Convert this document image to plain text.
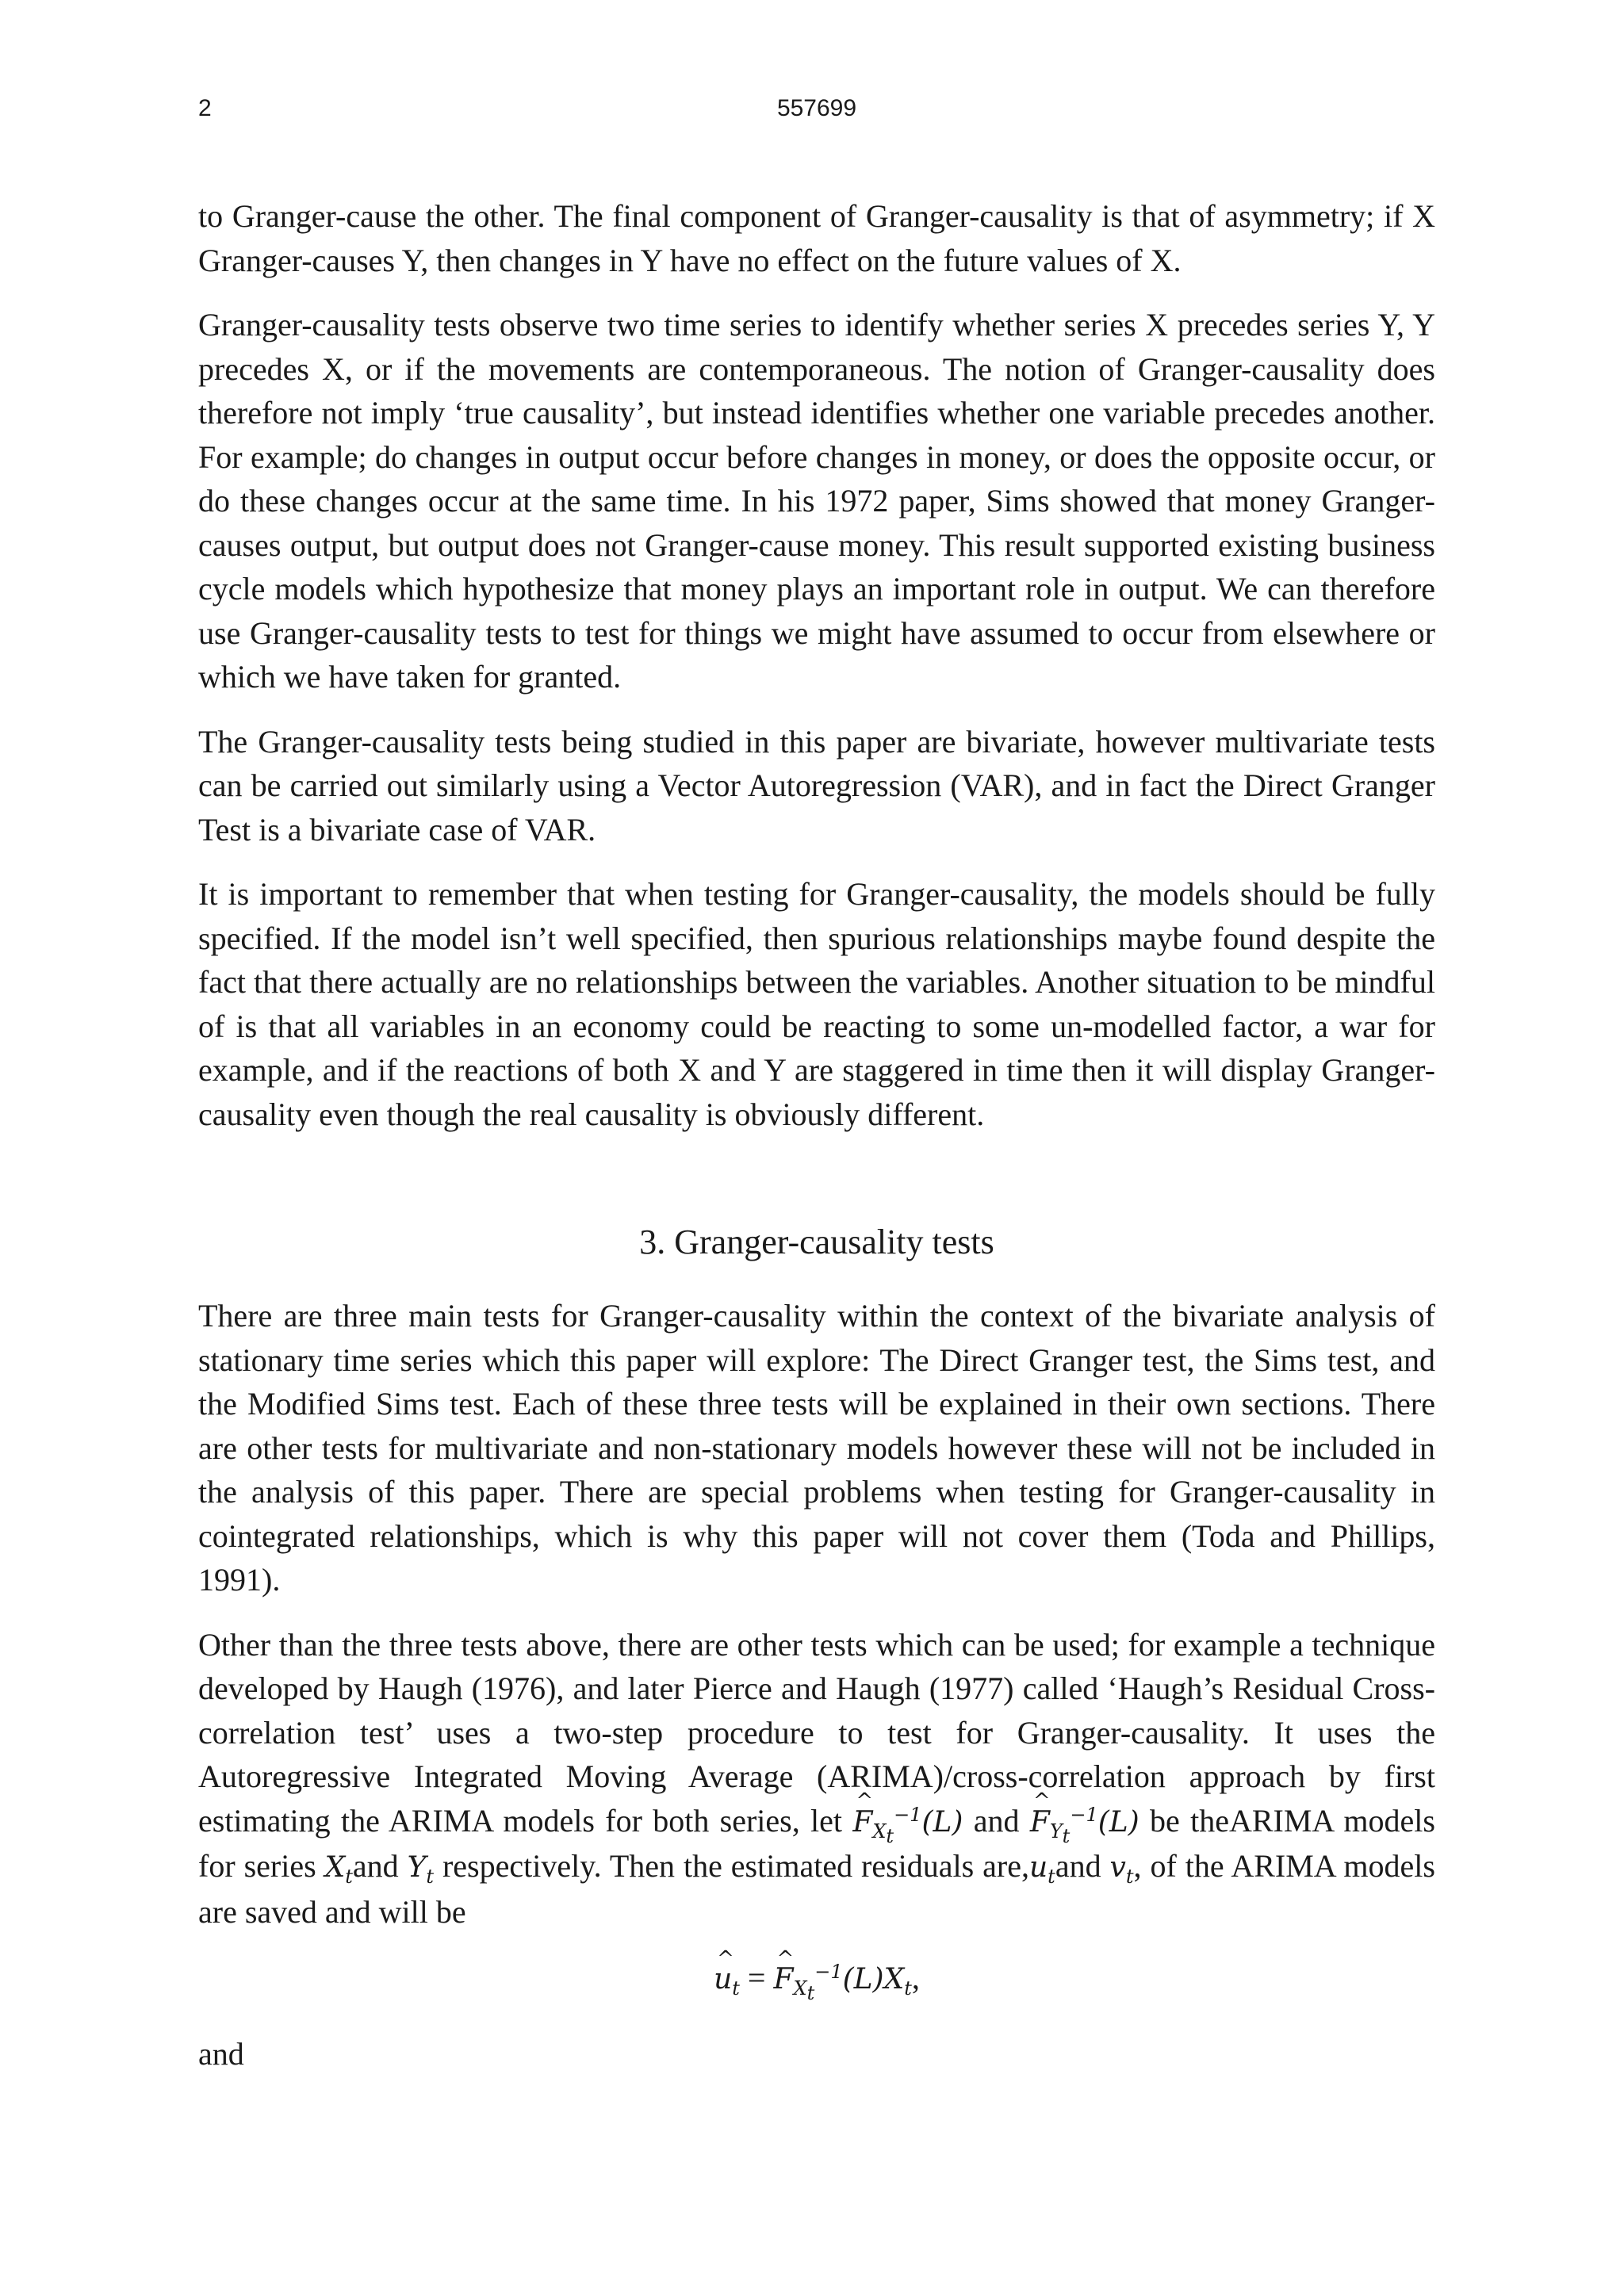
2	557699

to Granger-cause the other. The final component of Granger-causality is that of asymmetry; if X Granger-causes Y, then changes in Y have no effect on the future values of X.

Granger-causality tests observe two time series to identify whether series X precedes series Y, Y precedes X, or if the movements are contemporaneous. The notion of Granger-causality does therefore not imply ‘true causality’, but instead identifies whether one variable precedes another. For example; do changes in output occur before changes in money, or does the opposite occur, or do these changes occur at the same time. In his 1972 paper, Sims showed that money Granger-causes output, but output does not Granger-cause money. This result supported existing business cycle models which hypothesize that money plays an important role in output. We can therefore use Granger-causality tests to test for things we might have assumed to occur from elsewhere or which we have taken for granted.

The Granger-causality tests being studied in this paper are bivariate, however multivariate tests can be carried out similarly using a Vector Autoregression (VAR), and in fact the Direct Granger Test is a bivariate case of VAR.

It is important to remember that when testing for Granger-causality, the models should be fully specified. If the model isn’t well specified, then spurious relationships maybe found despite the fact that there actually are no relationships between the variables. Another situation to be mindful of is that all variables in an economy could be reacting to some un-modelled factor, a war for example, and if the reactions of both X and Y are staggered in time then it will display Granger-causality even though the real causality is obviously different.

3. Granger-causality tests

There are three main tests for Granger-causality within the context of the bivariate analysis of stationary time series which this paper will explore: The Direct Granger test, the Sims test, and the Modified Sims test. Each of these three tests will be explained in their own sections. There are other tests for multivariate and non-stationary models however these will not be included in the analysis of this paper. There are special problems when testing for Granger-causality in cointegrated relationships, which is why this paper will not cover them (Toda and Phillips, 1991).

Other than the three tests above, there are other tests which can be used; for example a technique developed by Haugh (1976), and later Pierce and Haugh (1977) called ‘Haugh’s Residual Cross-correlation test’ uses a two-step procedure to test for Granger-causality. It uses the Autoregressive Integrated Moving Average (ARIMA)/cross-correlation approach by first estimating the ARIMA models for both series, let F $\^{}_{X_t}^{-1}(L)$ and F $\^{}_{Y_t}^{-1}(L)$ be theARIMA models for series $X_tand$ $Y_t$ respectively. Then the estimated residuals $are,u_tand$ $v_t$, of the ARIMA models are saved and will be

u $\^{}_t = F$ $\^{}_{X_t}^{-1}(L)X_t$,

and
